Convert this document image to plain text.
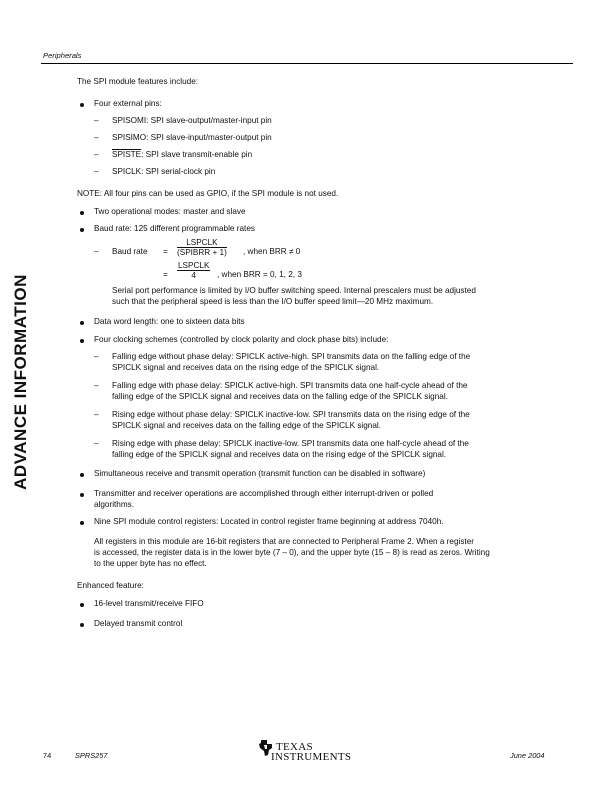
Peripherals
ADVANCE INFORMATION
The SPI module features include:
Four external pins:
– SPISOMI: SPI slave-output/master-input pin
– SPISIMO: SPI slave-input/master-output pin
– SPISTE: SPI slave transmit-enable pin
– SPICLK: SPI serial-clock pin
NOTE: All four pins can be used as GPIO, if the SPI module is not used.
Two operational modes: master and slave
Baud rate: 125 different programmable rates
– Baud rate =
LSPCLK
(SPIBRR + 1) , when BRR ≠ 0
=
LSPCLK
4	, when BRR = 0, 1, 2, 3
Serial port performance is limited by I/O buffer switching speed. Internal prescalers must be adjusted
such that the peripheral speed is less than the I/O buffer speed limit—20 MHz maximum.
Data word length: one to sixteen data bits
Four clocking schemes (controlled by clock polarity and clock phase bits) include:
– Falling edge without phase delay: SPICLK active-high. SPI transmits data on the falling edge of the
SPICLK signal and receives data on the rising edge of the SPICLK signal.
– Falling edge with phase delay: SPICLK active-high. SPI transmits data one half-cycle ahead of the
falling edge of the SPICLK signal and receives data on the falling edge of the SPICLK signal.
– Rising edge without phase delay: SPICLK inactive-low. SPI transmits data on the rising edge of the
SPICLK signal and receives data on the falling edge of the SPICLK signal.
– Rising edge with phase delay: SPICLK inactive-low. SPI transmits data one half-cycle ahead of the
falling edge of the SPICLK signal and receives data on the rising edge of the SPICLK signal.
Simultaneous receive and transmit operation (transmit function can be disabled in software)
Transmitter and receiver operations are accomplished through either interrupt-driven or polled
algorithms.
Nine SPI module control registers: Located in control register frame beginning at address 7040h.
All registers in this module are 16-bit registers that are connected to Peripheral Frame 2. When a register
is accessed, the register data is in the lower byte (7 – 0), and the upper byte (15 – 8) is read as zeros. Writing
to the upper byte has no effect.
Enhanced feature:
16-level transmit/receive FIFO
Delayed transmit control
74	SPRS257
TEXAS
INSTRUMENTS	June 2004
